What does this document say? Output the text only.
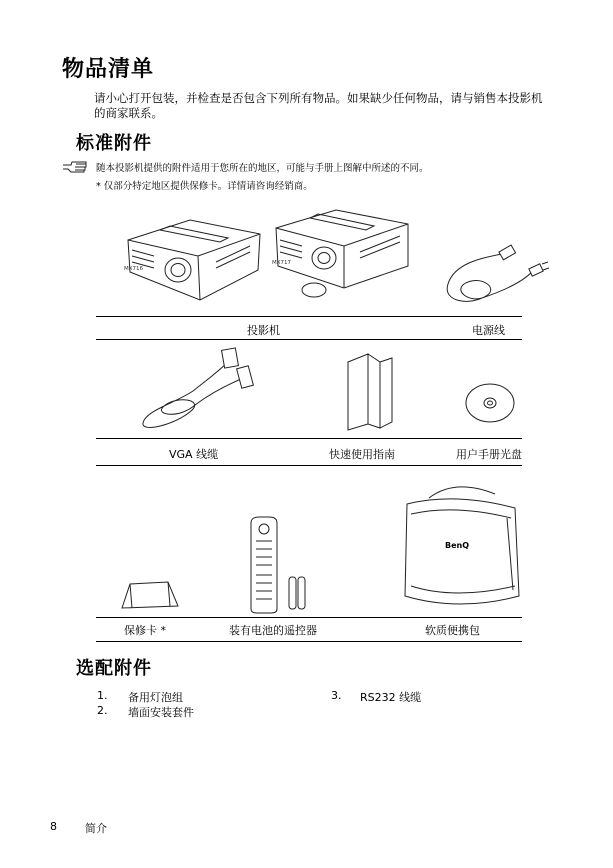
物品清单
请小心打开包装，并检查是否包含下列所有物品。如果缺少任何物品，请与销售本投影机的商家联系。
标准附件
随本投影机提供的附件适用于您所在的地区，可能与手册上图解中所述的不同。
* 仅部分特定地区提供保修卡。详情请咨询经销商。
MX716
MX717
投影机	电源线
VGA 线缆	快速使用指南	用户手册光盘
BenQ
保修卡 *	装有电池的遥控器	软质便携包
选配附件
1. 备用灯泡组
2. 墙面安装套件
3. RS232 线缆
8	简介
